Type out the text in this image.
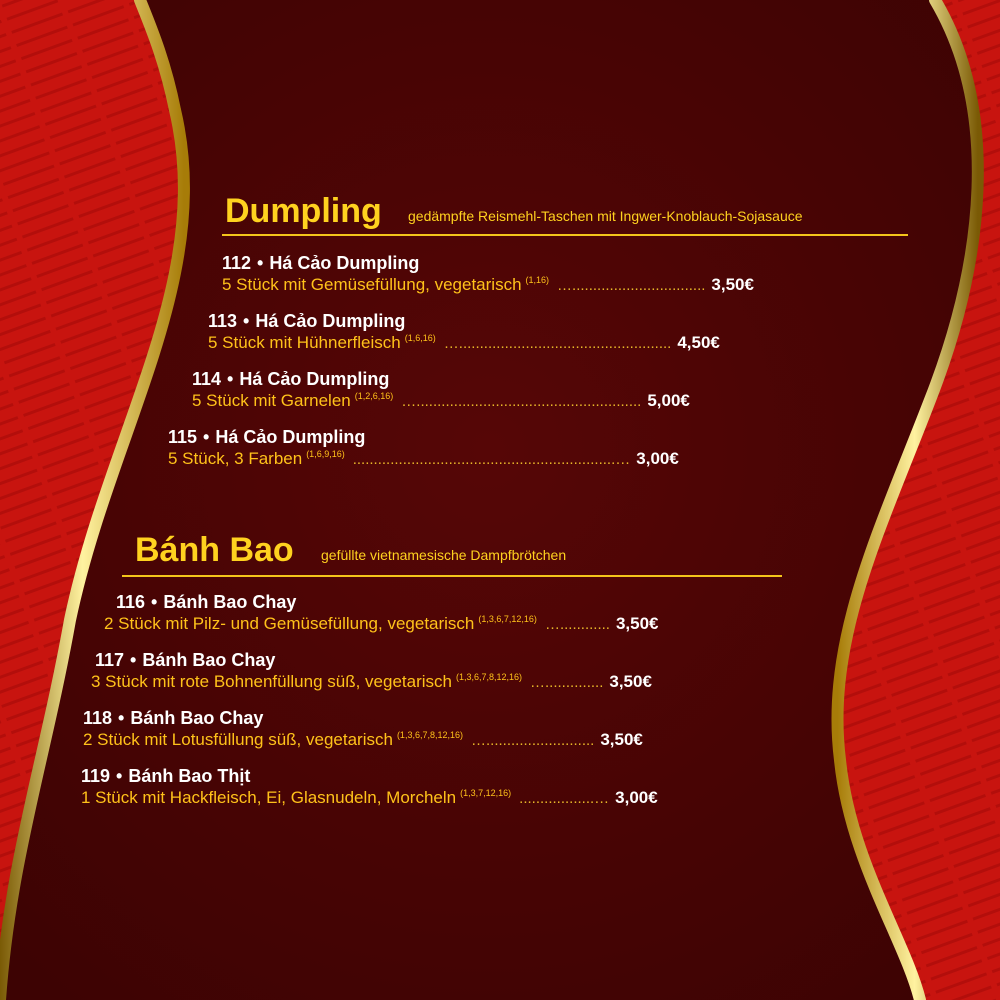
Dumpling gedämpfte Reismehl-Taschen mit Ingwer-Knoblauch-Sojasauce
112 • Há Cảo Dumpling
5 Stück mit Gemüsefüllung, vegetarisch (1,16) …................................ 3,50€
113 • Há Cảo Dumpling
5 Stück mit Hühnerfleisch (1,6,16) …................................................... 4,50€
114 • Há Cảo Dumpling
5 Stück mit Garnelen (1,2,6,16) …...................................................... 5,00€
115 • Há Cảo Dumpling
5 Stück, 3 Farben (1,6,9,16) ...............................................................… 3,00€
Bánh Bao gefüllte vietnamesische Dampfbrötchen
116 • Bánh Bao Chay
2 Stück mit Pilz- und Gemüsefüllung, vegetarisch (1,3,6,7,12,16) …............ 3,50€
117 • Bánh Bao Chay
3 Stück mit rote Bohnenfüllung süß, vegetarisch (1,3,6,7,8,12,16) ….............. 3,50€
118 • Bánh Bao Chay
2 Stück mit Lotusfüllung süß, vegetarisch (1,3,6,7,8,12,16) ….......................... 3,50€
119 • Bánh Bao Thịt
1 Stück mit Hackfleisch, Ei, Glasnudeln, Morcheln (1,3,7,12,16) ..................… 3,00€
